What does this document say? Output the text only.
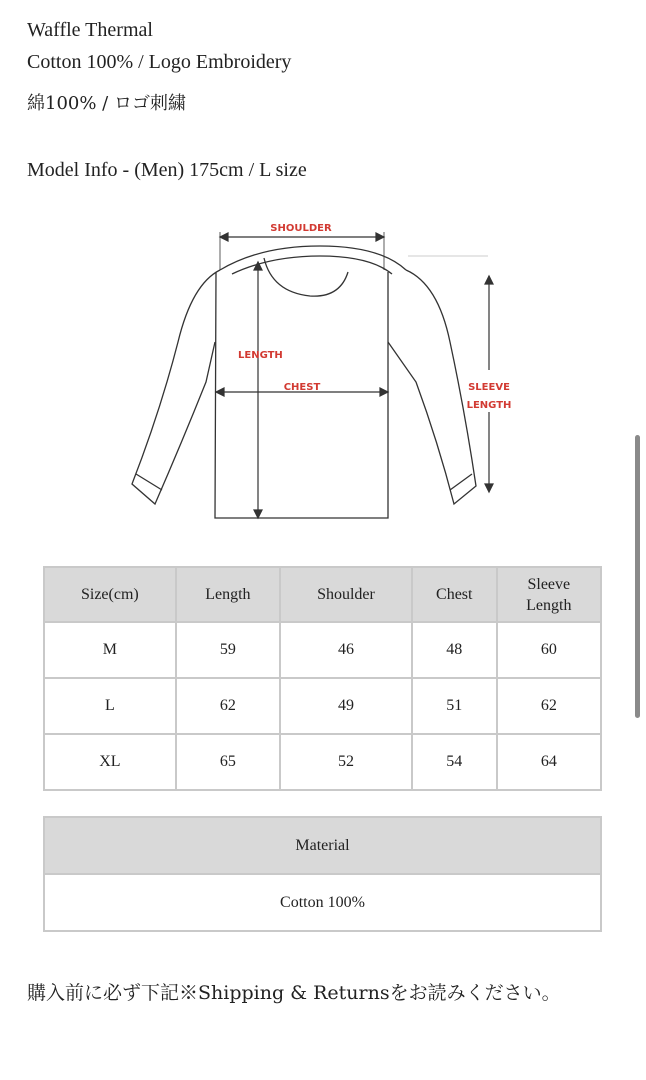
Waffle Thermal
Cotton 100% / Logo Embroidery
綿100% / ロゴ刺繍
Model Info - (Men) 175cm / L size
SHOULDER
LENGTH
CHEST	SLEEVE
LENGTH
Size(cm)	Length	Shoulder	Chest	Sleeve
Length
M	59	46	48	60
L	62	49	51	62
XL	65	52	54	64
Material
Cotton 100%
購入前に必ず下記※Shipping & Returnsをお読みください。
